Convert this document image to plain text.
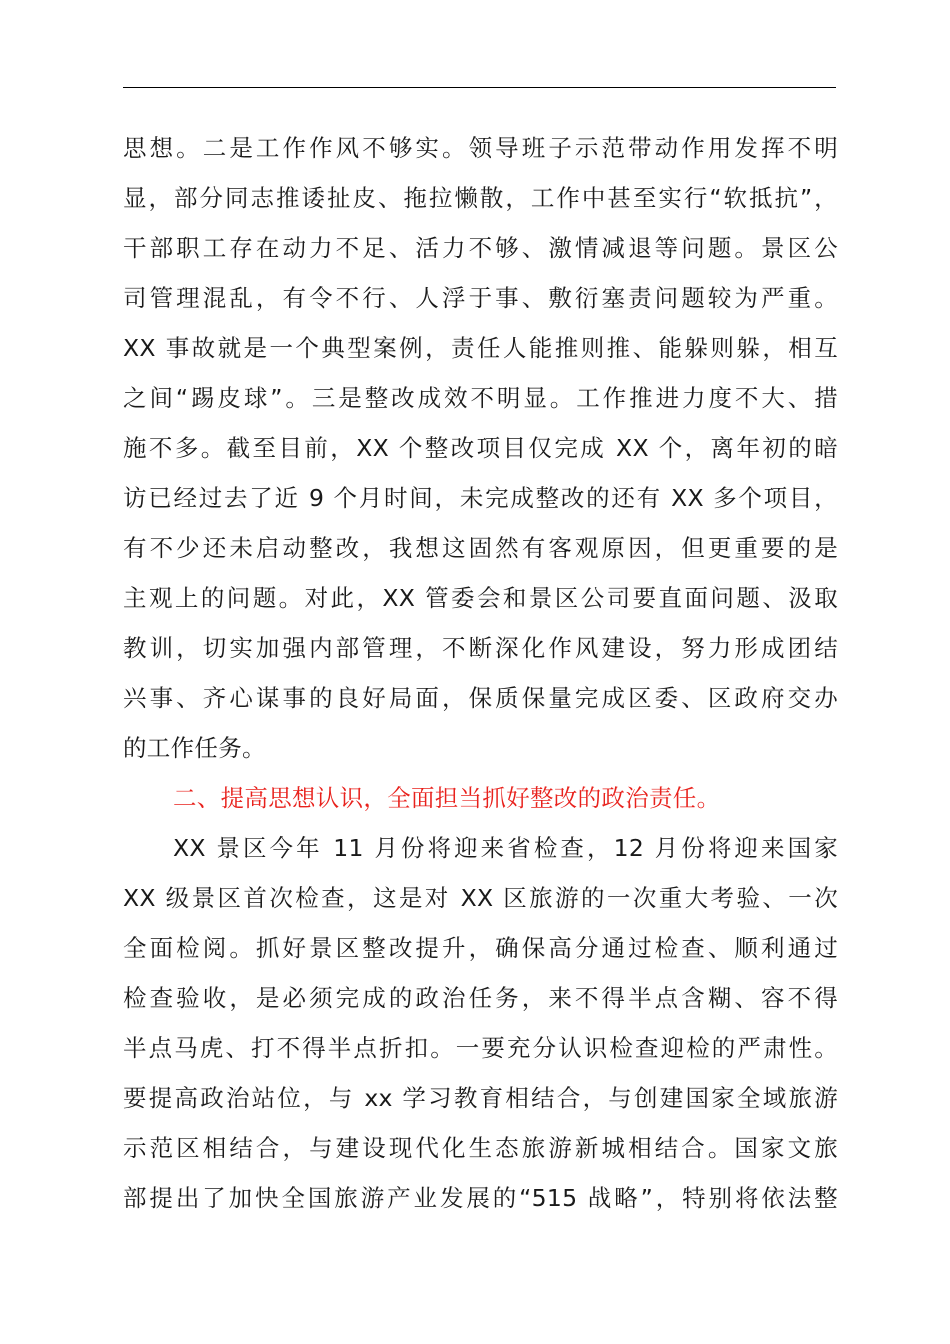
思想。二是工作作风不够实。领导班子示范带动作用发挥不明
显，部分同志推诿扯皮、拖拉懒散，工作中甚至实行“软抵抗”，
干部职工存在动力不足、活力不够、激情减退等问题。景区公
司管理混乱，有令不行、人浮于事、敷衍塞责问题较为严重。
XX 事故就是一个典型案例，责任人能推则推、能躲则躲，相互
之间“踢皮球”。三是整改成效不明显。工作推进力度不大、措
施不多。截至目前，XX 个整改项目仅完成 XX 个，离年初的暗
访已经过去了近 9 个月时间，未完成整改的还有 XX 多个项目，
有不少还未启动整改，我想这固然有客观原因，但更重要的是
主观上的问题。对此，XX 管委会和景区公司要直面问题、汲取
教训，切实加强内部管理，不断深化作风建设，努力形成团结
兴事、齐心谋事的良好局面，保质保量完成区委、区政府交办
的工作任务。
二、提高思想认识，全面担当抓好整改的政治责任。
XX 景区今年 11 月份将迎来省检查，12 月份将迎来国家
XX 级景区首次检查，这是对 XX 区旅游的一次重大考验、一次
全面检阅。抓好景区整改提升，确保高分通过检查、顺利通过
检查验收，是必须完成的政治任务，来不得半点含糊、容不得
半点马虎、打不得半点折扣。一要充分认识检查迎检的严肃性。
要提高政治站位，与 xx 学习教育相结合，与创建国家全域旅游
示范区相结合，与建设现代化生态旅游新城相结合。国家文旅
部提出了加快全国旅游产业发展的“515 战略”，特别将依法整
